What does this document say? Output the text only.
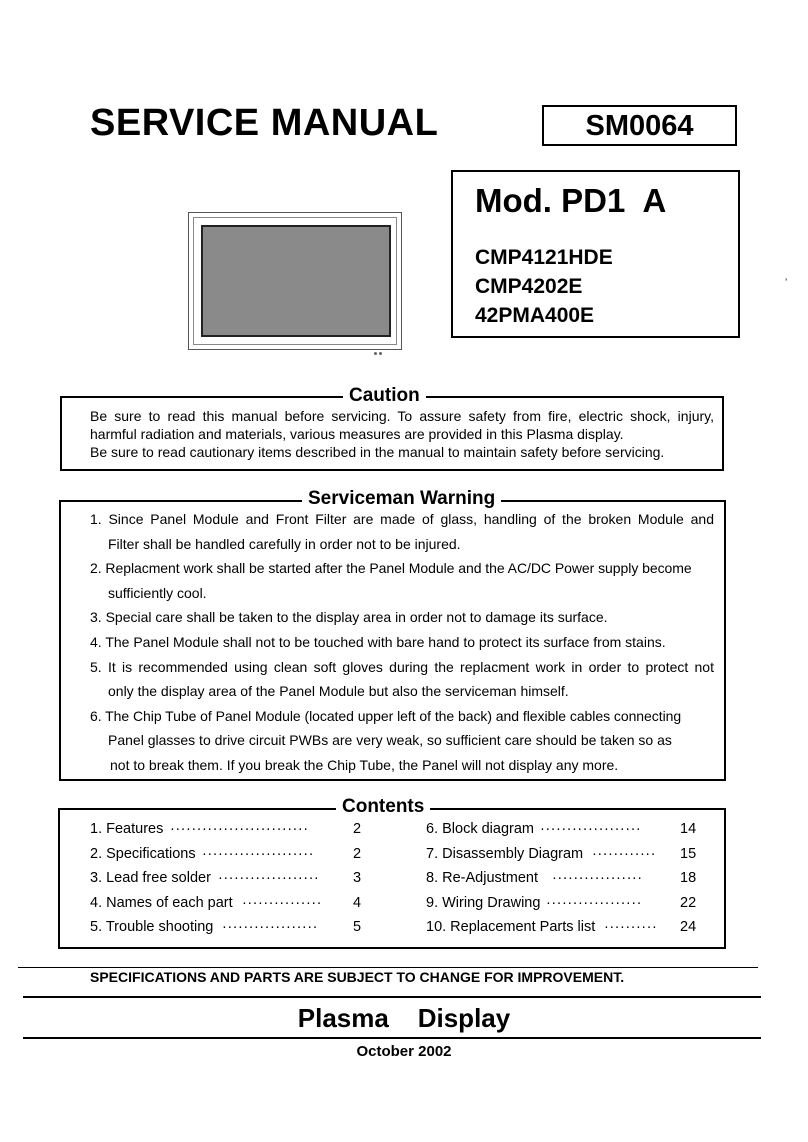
SERVICE MANUAL	SM0064
Mod. PD1  A
CMP4121HDE
CMP4202E
42PMA400E
ʼ
Caution
Be sure to read this manual before servicing. To assure safety from fire, electric shock, injury,
harmful radiation and materials, various measures are provided in this Plasma display.
Be sure to read cautionary items described in the manual to maintain safety before servicing.
Serviceman Warning
1. Since Panel Module and Front Filter are made of glass, handling of the broken Module and
Filter shall be handled carefully in order not to be injured.
2. Replacment work shall be started after the Panel Module and the AC/DC Power supply become
sufficiently cool.
3. Special care shall be taken to the display area in order not to damage its surface.
4. The Panel Module shall not to be touched with bare hand to protect its surface from stains.
5. It is recommended using clean soft gloves during the replacment work in order to protect not
only the display area of the Panel Module but also the serviceman himself.
6. The Chip Tube of Panel Module (located upper left of the back) and flexible cables connecting
Panel glasses to drive circuit PWBs are very weak, so sufficient care should be taken so as
not to break them. If you break the Chip Tube, the Panel will not display any more.
Contents
1. Features ··························	2
2. Specifications ·····················	2
3. Lead free solder ···················	3
4. Names of each part ···············	4
5. Trouble shooting ··················	5
6. Block diagram ···················	14
7. Disassembly Diagram ············	15
8. Re-Adjustment ·················	18
9. Wiring Drawing ··················	22
10. Replacement Parts list ··········	24
SPECIFICATIONS AND PARTS ARE SUBJECT TO CHANGE FOR IMPROVEMENT.
Plasma    Display
October 2002
